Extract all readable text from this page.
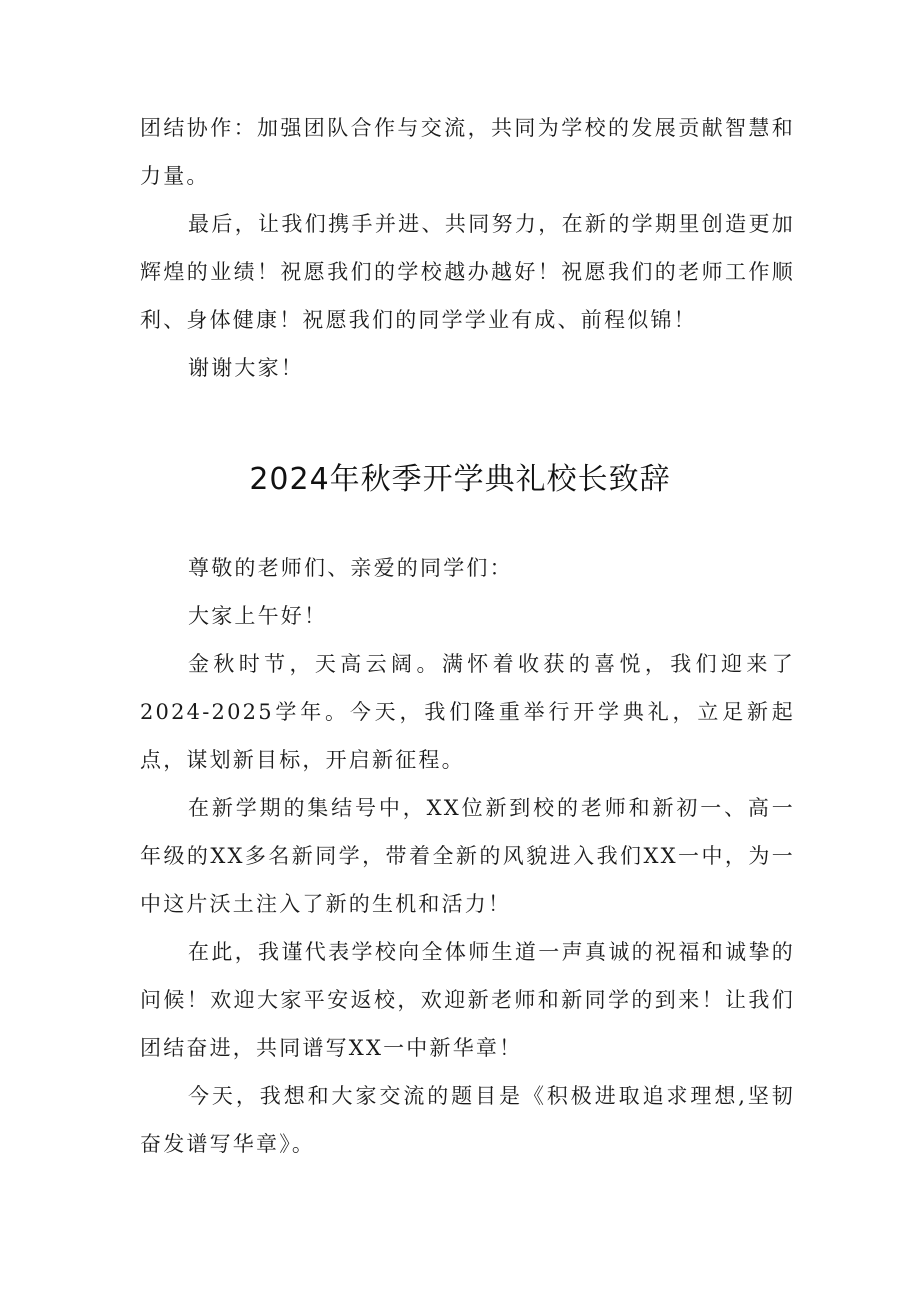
团结协作：加强团队合作与交流，共同为学校的发展贡献智慧和力量。

最后，让我们携手并进、共同努力，在新的学期里创造更加辉煌的业绩！祝愿我们的学校越办越好！祝愿我们的老师工作顺利、身体健康！祝愿我们的同学学业有成、前程似锦！

谢谢大家！

2024年秋季开学典礼校长致辞

尊敬的老师们、亲爱的同学们：

大家上午好！

金秋时节，天高云阔。满怀着收获的喜悦，我们迎来了2024-2025学年。今天，我们隆重举行开学典礼，立足新起点，谋划新目标，开启新征程。

在新学期的集结号中，XX位新到校的老师和新初一、高一年级的XX多名新同学，带着全新的风貌进入我们XX一中，为一中这片沃土注入了新的生机和活力！

在此，我谨代表学校向全体师生道一声真诚的祝福和诚挚的问候！欢迎大家平安返校，欢迎新老师和新同学的到来！让我们团结奋进，共同谱写XX一中新华章！

今天，我想和大家交流的题目是《积极进取追求理想,坚韧奋发谱写华章》。
